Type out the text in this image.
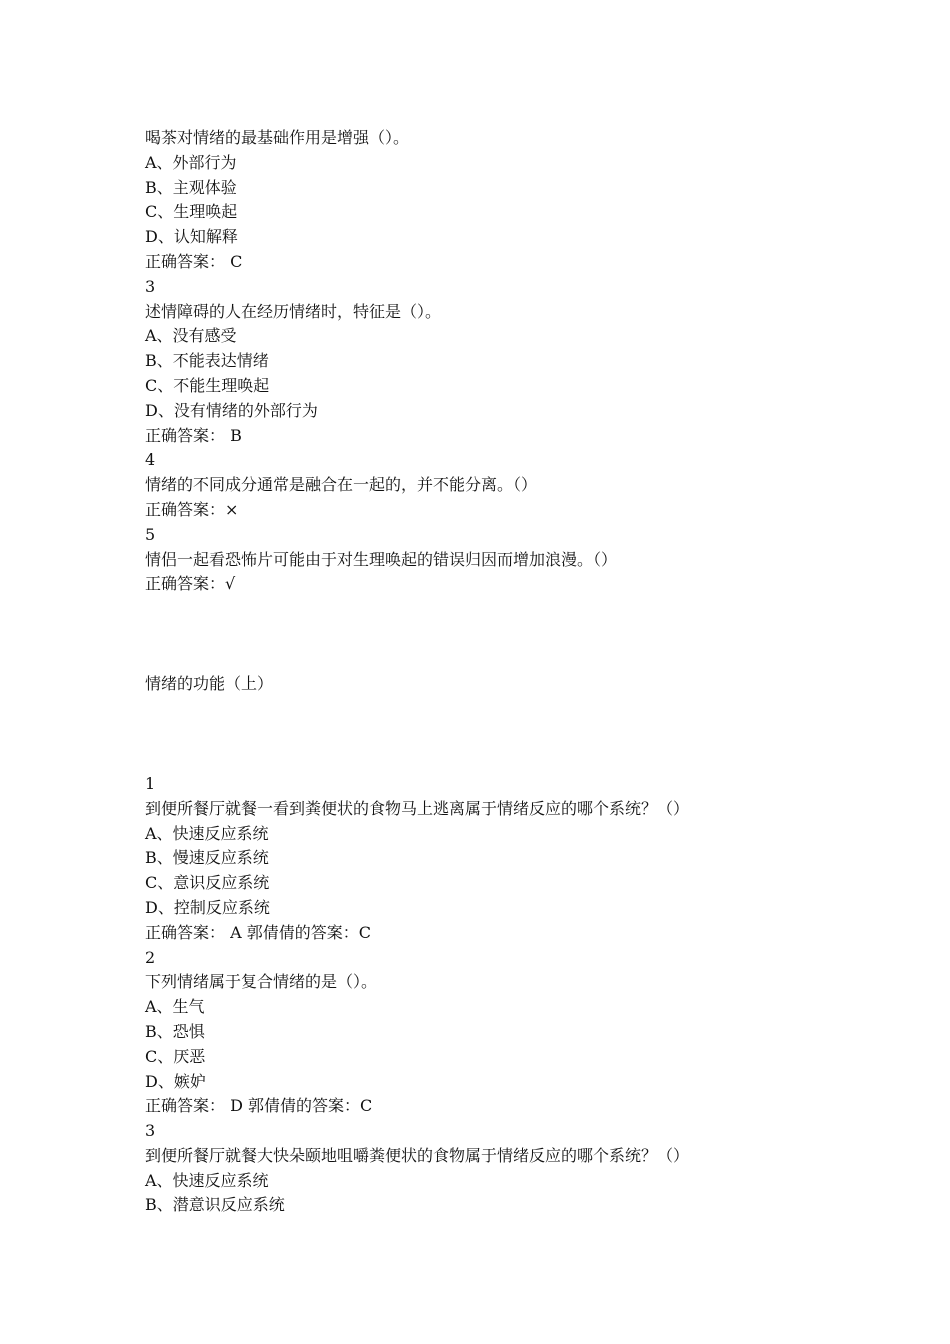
喝茶对情绪的最基础作用是增强（）。
A、外部行为
B、主观体验
C、生理唤起
D、认知解释
正确答案： C
3
述情障碍的人在经历情绪时，特征是（）。
A、没有感受
B、不能表达情绪
C、不能生理唤起
D、没有情绪的外部行为
正确答案： B
4
情绪的不同成分通常是融合在一起的，并不能分离。（）
正确答案：×
5
情侣一起看恐怖片可能由于对生理唤起的错误归因而增加浪漫。（）
正确答案：√
情绪的功能（上）
1
到便所餐厅就餐一看到粪便状的食物马上逃离属于情绪反应的哪个系统？（）
A、快速反应系统
B、慢速反应系统
C、意识反应系统
D、控制反应系统
正确答案： A 郭倩倩的答案：C
2
下列情绪属于复合情绪的是（）。
A、生气
B、恐惧
C、厌恶
D、嫉妒
正确答案： D 郭倩倩的答案：C
3
到便所餐厅就餐大快朵颐地咀嚼粪便状的食物属于情绪反应的哪个系统？（）
A、快速反应系统
B、潜意识反应系统
